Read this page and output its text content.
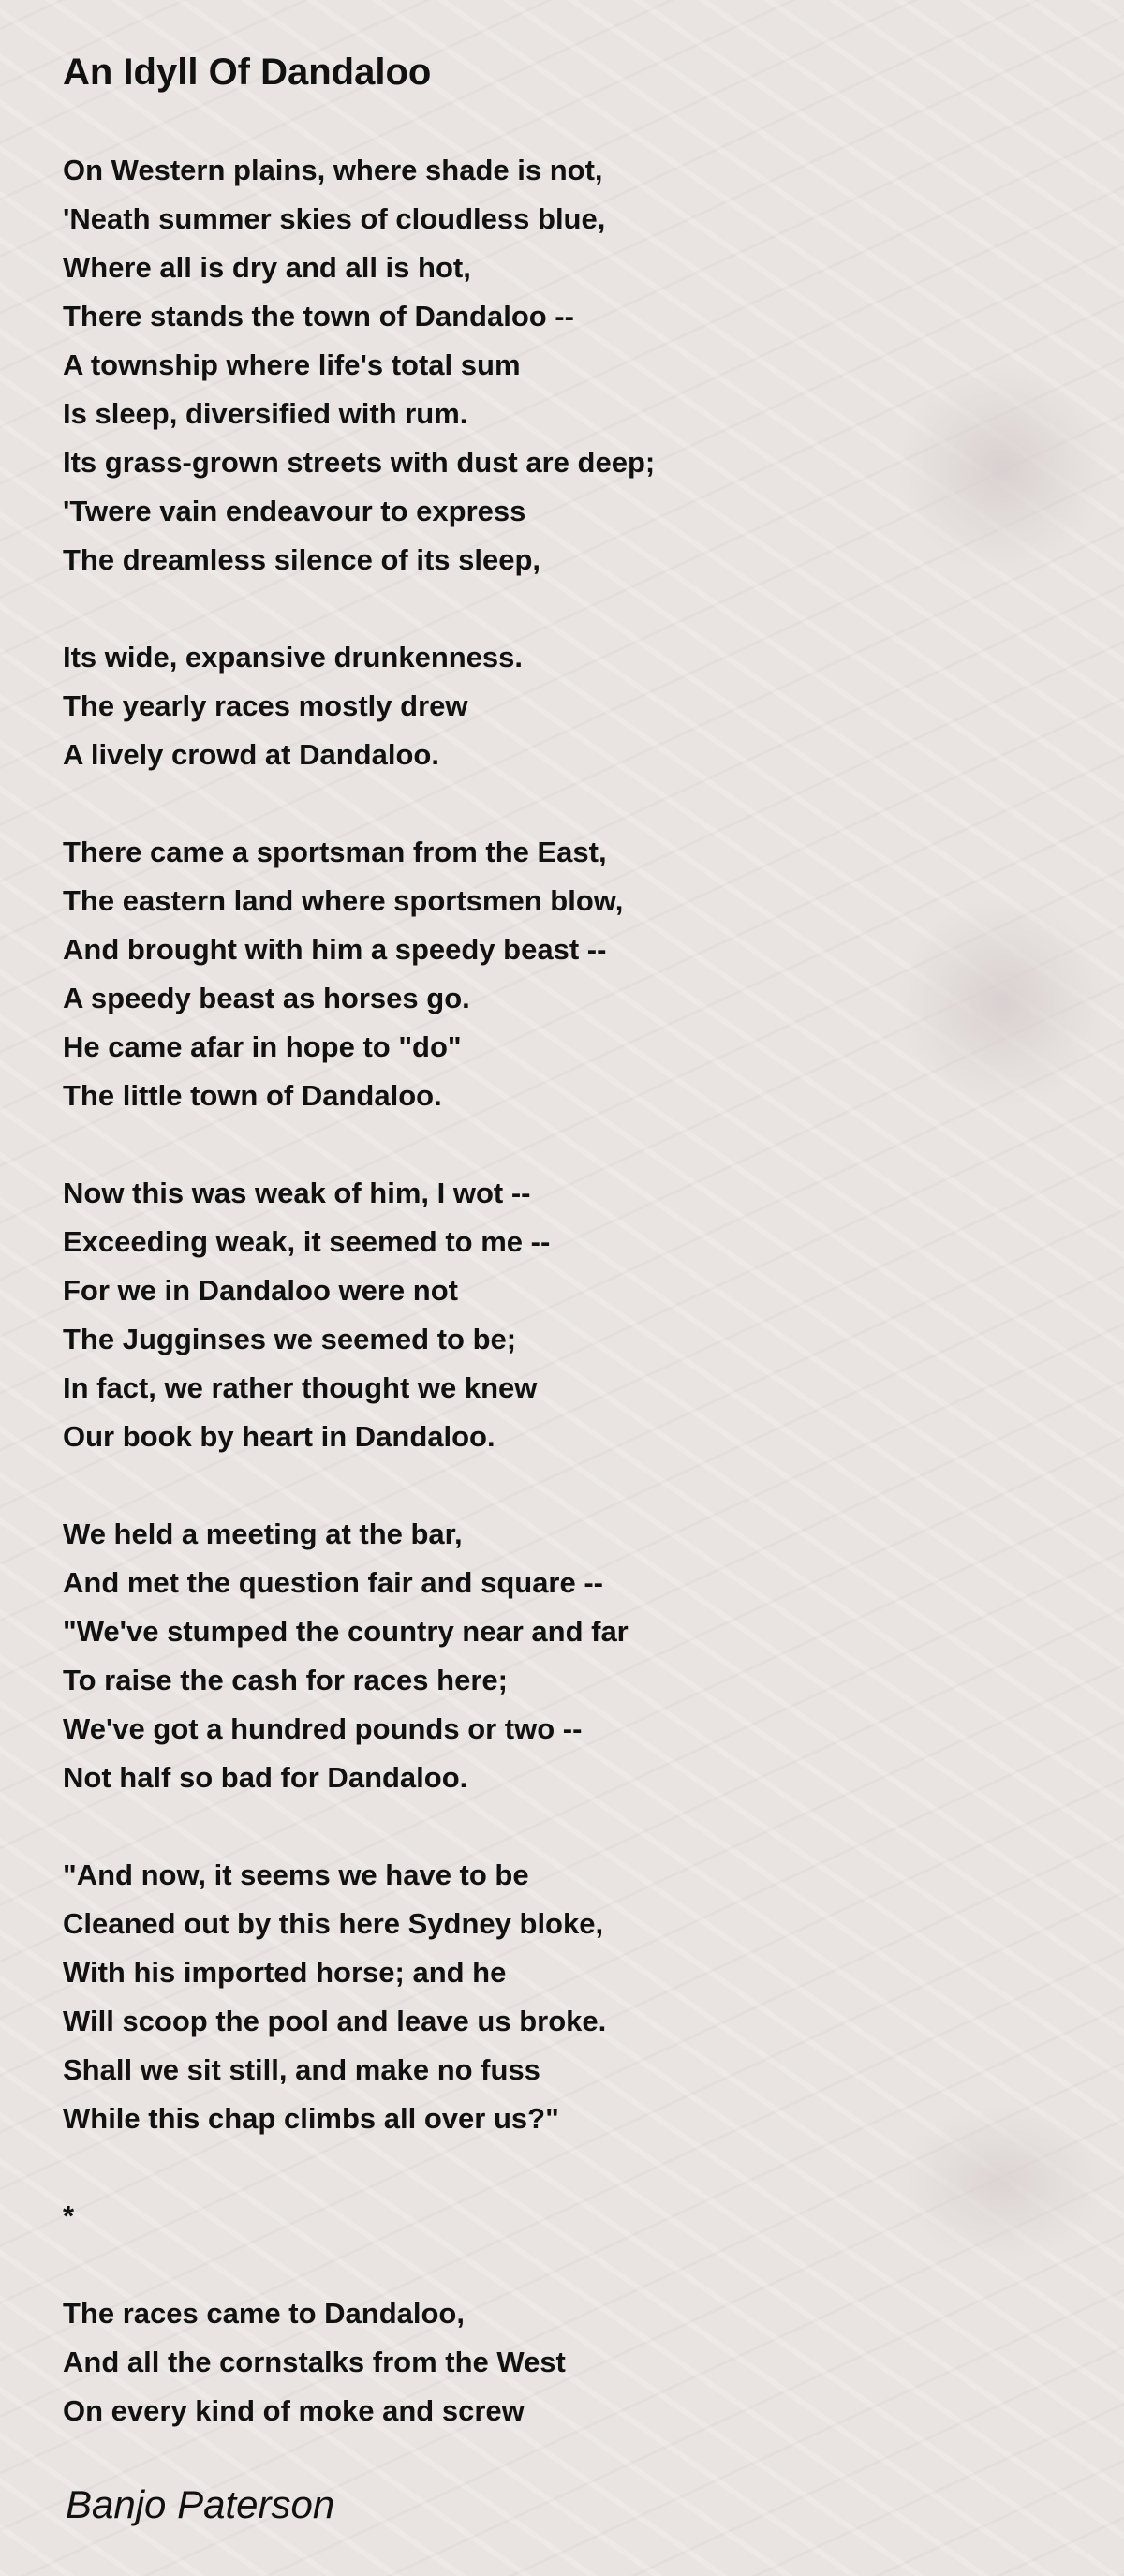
An Idyll Of Dandaloo
On Western plains, where shade is not,
'Neath summer skies of cloudless blue,
Where all is dry and all is hot,
There stands the town of Dandaloo --
A township where life's total sum
Is sleep, diversified with rum.
Its grass-grown streets with dust are deep;
'Twere vain endeavour to express
The dreamless silence of its sleep,
Its wide, expansive drunkenness.
The yearly races mostly drew
A lively crowd at Dandaloo.
There came a sportsman from the East,
The eastern land where sportsmen blow,
And brought with him a speedy beast --
A speedy beast as horses go.
He came afar in hope to "do"
The little town of Dandaloo.
Now this was weak of him, I wot --
Exceeding weak, it seemed to me --
For we in Dandaloo were not
The Jugginses we seemed to be;
In fact, we rather thought we knew
Our book by heart in Dandaloo.
We held a meeting at the bar,
And met the question fair and square --
"We've stumped the country near and far
To raise the cash for races here;
We've got a hundred pounds or two --
Not half so bad for Dandaloo.
"And now, it seems we have to be
Cleaned out by this here Sydney bloke,
With his imported horse; and he
Will scoop the pool and leave us broke.
Shall we sit still, and make no fuss
While this chap climbs all over us?"
*
The races came to Dandaloo,
And all the cornstalks from the West
On every kind of moke and screw
Banjo Paterson
